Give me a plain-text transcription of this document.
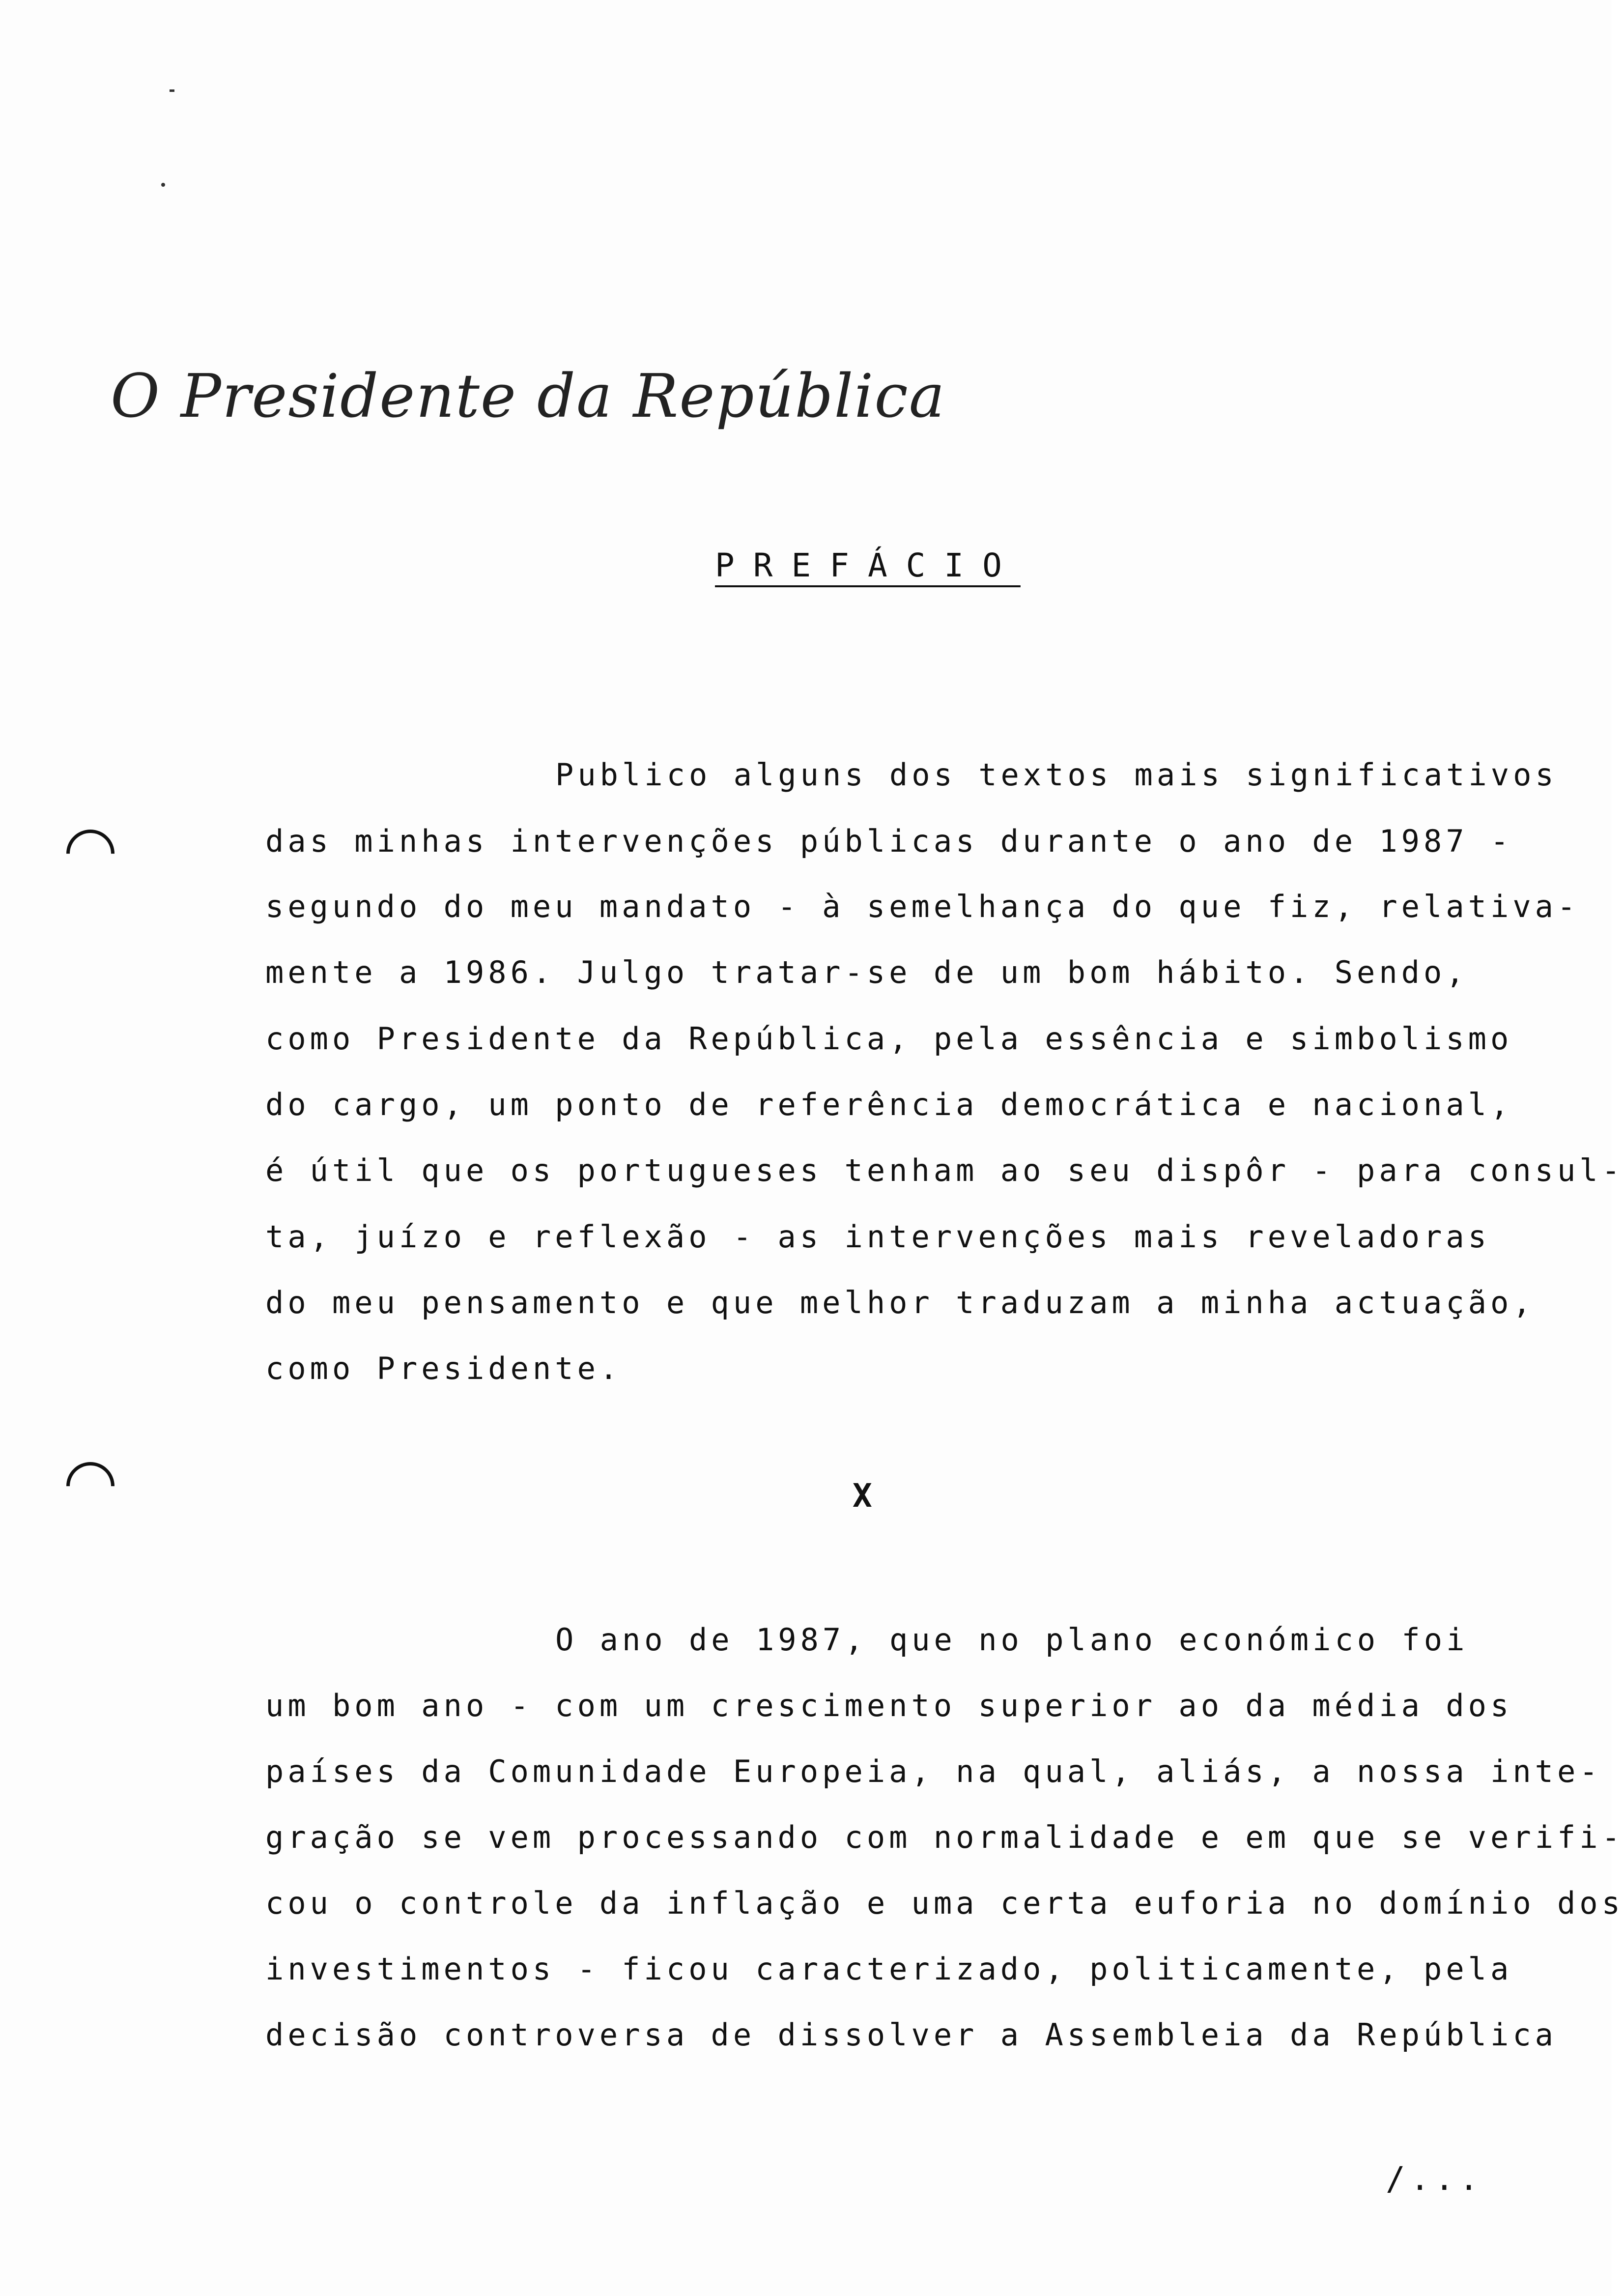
O Presidente da República
PREFÁCIO
Publico alguns dos textos mais significativos
das minhas intervenções públicas durante o ano de 1987 -
segundo do meu mandato - à semelhança do que fiz, relativa-
mente a 1986. Julgo tratar-se de um bom hábito. Sendo,
como Presidente da República, pela essência e simbolismo
do cargo, um ponto de referência democrática e nacional,
é útil que os portugueses tenham ao seu dispôr - para consul-
ta, juízo e reflexão - as intervenções mais reveladoras
do meu pensamento e que melhor traduzam a minha actuação,
como Presidente.
X
O ano de 1987, que no plano económico foi
um bom ano - com um crescimento superior ao da média dos
países da Comunidade Europeia, na qual, aliás, a nossa inte-
gração se vem processando com normalidade e em que se verifi-
cou o controle da inflação e uma certa euforia no domínio dos
investimentos - ficou caracterizado, politicamente, pela
decisão controversa de dissolver a Assembleia da República
/...
